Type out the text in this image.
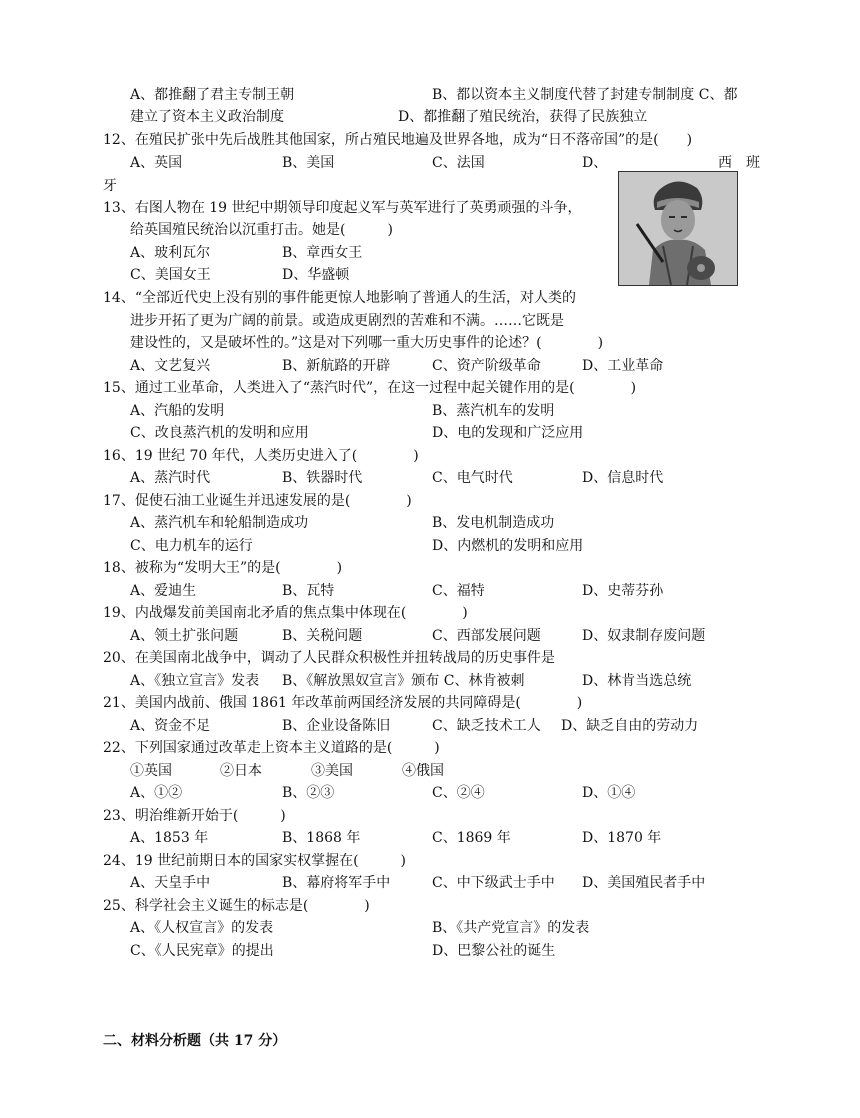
A、都推翻了君主专制王朝	B、都以资本主义制度代替了封建专制制度 C、都
建立了资本主义政治制度	D、都推翻了殖民统治，获得了民族独立
12、在殖民扩张中先后战胜其他国家，所占殖民地遍及世界各地，成为“日不落帝国”的是(　　)
A、英国	B、美国	C、法国	D、	西 班
牙
13、右图人物在 19 世纪中期领导印度起义军与英军进行了英勇顽强的斗争，
给英国殖民统治以沉重打击。她是(　　　)
A、玻利瓦尔	B、章西女王
C、美国女王	D、华盛顿
14、“全部近代史上没有别的事件能更惊人地影响了普通人的生活，对人类的
进步开拓了更为广阔的前景。或造成更剧烈的苦难和不满。……它既是
建设性的，又是破坏性的。”这是对下列哪一重大历史事件的论述？(　　　　)
A、文艺复兴	B、新航路的开辟	C、资产阶级革命	D、工业革命
15、通过工业革命，人类进入了“蒸汽时代”，在这一过程中起关键作用的是(　　　　)
A、汽船的发明	B、蒸汽机车的发明
C、改良蒸汽机的发明和应用	D、电的发现和广泛应用
16、19 世纪 70 年代，人类历史进入了(　　　　)
A、蒸汽时代	B、铁器时代	C、电气时代	D、信息时代
17、促使石油工业诞生并迅速发展的是(　　　　)
A、蒸汽机车和轮船制造成功	B、发电机制造成功
C、电力机车的运行	D、内燃机的发明和应用
18、被称为“发明大王”的是(　　　　)
A、爱迪生	B、瓦特	C、福特	D、史蒂芬孙
19、内战爆发前美国南北矛盾的焦点集中体现在(　　　　)
A、领土扩张问题	B、关税问题	C、西部发展问题	D、奴隶制存废问题
20、在美国南北战争中，调动了人民群众积极性并扭转战局的历史事件是
A、《独立宣言》发表 B、《解放黑奴宣言》颁布 C、林肯被刺	D、林肯当选总统
21、美国内战前、俄国 1861 年改革前两国经济发展的共同障碍是(　　　　)
A、资金不足	B、企业设备陈旧	C、缺乏技术工人 D、缺乏自由的劳动力
22、下列国家通过改革走上资本主义道路的是(　　　)
①英国	②日本	③美国	④俄国
A、①②	B、②③	C、②④	D、①④
23、明治维新开始于(　　　)
A、1853 年	B、1868 年	C、1869 年	D、1870 年
24、19 世纪前期日本的国家实权掌握在(　　　)
A、天皇手中	B、幕府将军手中	C、中下级武士手中 D、美国殖民者手中
25、科学社会主义诞生的标志是(　　　　)
A、《人权宣言》的发表	B、《共产党宣言》的发表
C、《人民宪章》的提出	D、巴黎公社的诞生
二、材料分析题（共 17 分）
